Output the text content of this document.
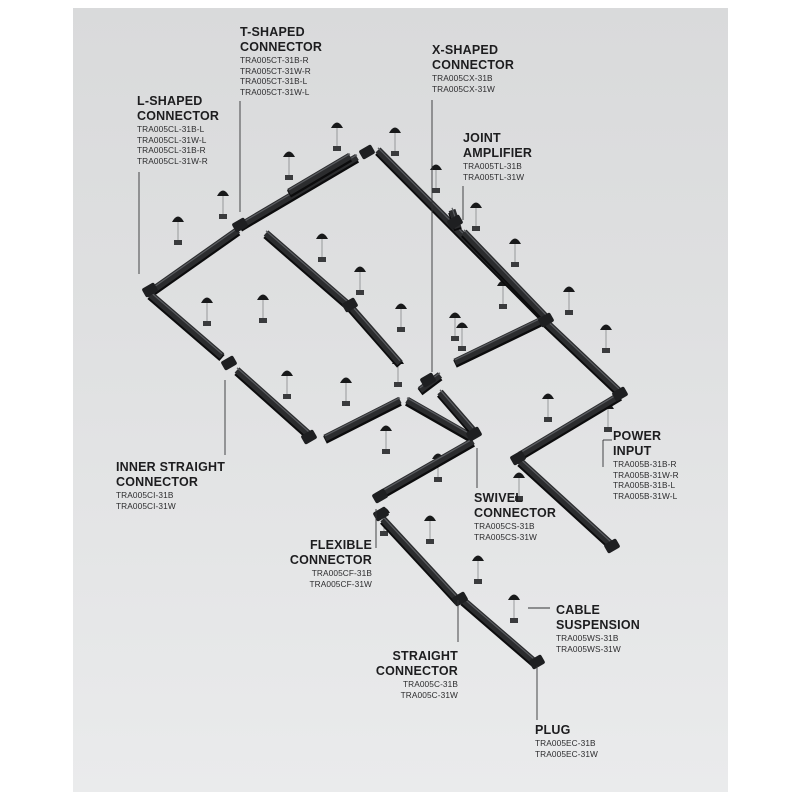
T-SHAPED
CONNECTOR
TRA005CT-31B-R
TRA005CT-31W-R
TRA005CT-31B-L
TRA005CT-31W-L
X-SHAPED
CONNECTOR
TRA005CX-31B
TRA005CX-31W
L-SHAPED
CONNECTOR
TRA005CL-31B-L
TRA005CL-31W-L
TRA005CL-31B-R
TRA005CL-31W-R
JOINT
AMPLIFIER
TRA005TL-31B
TRA005TL-31W
POWER
INPUT
TRA005B-31B-R
TRA005B-31W-R
TRA005B-31B-L
TRA005B-31W-L
INNER STRAIGHT
CONNECTOR
TRA005CI-31B
TRA005CI-31W
SWIVEL
CONNECTOR
TRA005CS-31B
TRA005CS-31W
FLEXIBLE
CONNECTOR
TRA005CF-31B
TRA005CF-31W
CABLE
SUSPENSION
TRA005WS-31B
TRA005WS-31W
STRAIGHT
CONNECTOR
TRA005C-31B
TRA005C-31W
PLUG
TRA005EC-31B
TRA005EC-31W
